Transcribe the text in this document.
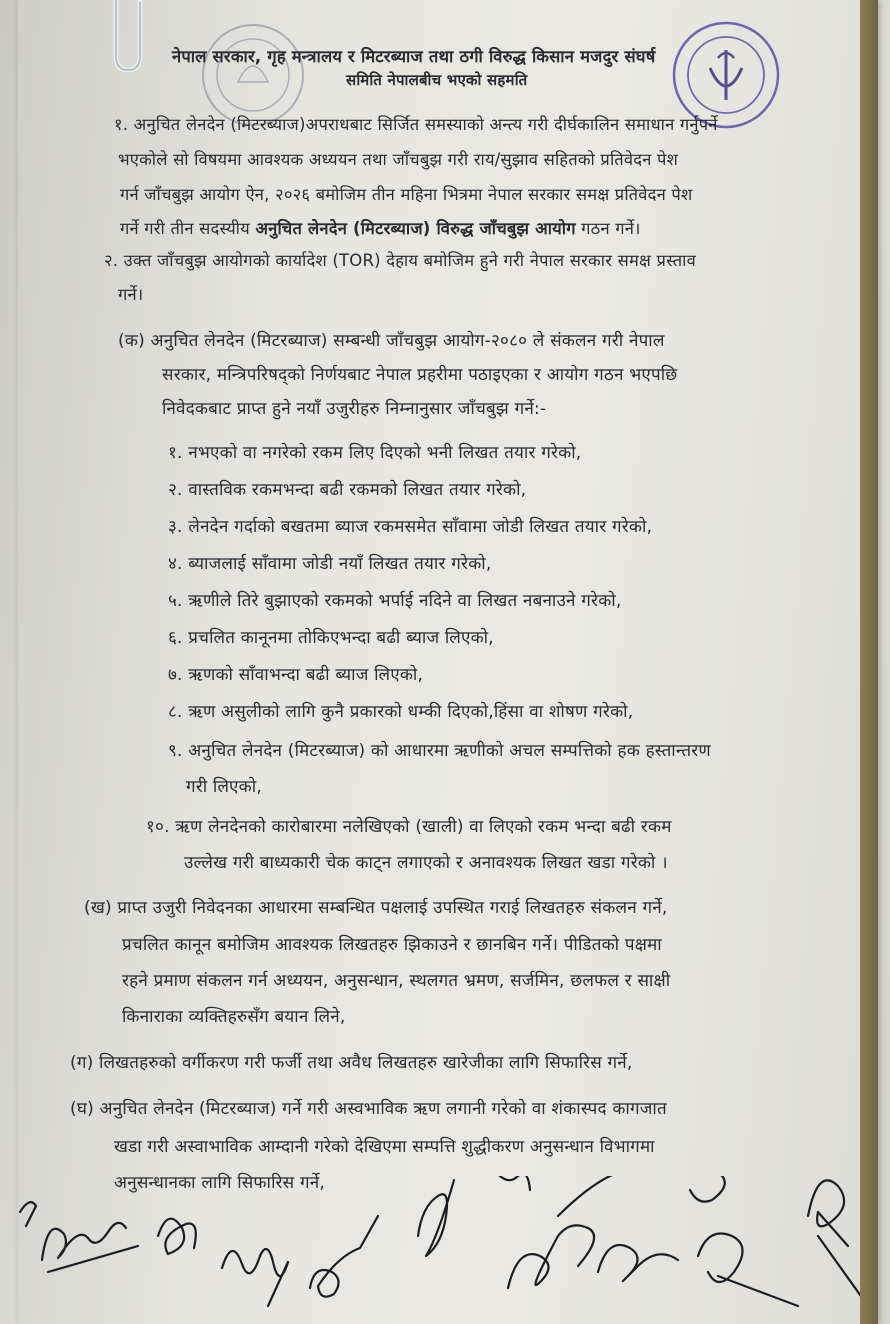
नेपाल सरकार, गृह मन्त्रालय र मिटरब्याज तथा ठगी विरुद्ध किसान मजदुर संघर्ष
समिति नेपालबीच भएको सहमति
१. अनुचित लेनदेन (मिटरब्याज)अपराधबाट सिर्जित समस्याको अन्त्य गरी दीर्घकालिन समाधान गर्नुपर्ने
भएकोले सो विषयमा आवश्यक अध्ययन तथा जाँचबुझ गरी राय/सुझाव सहितको प्रतिवेदन पेश
गर्न जाँचबुझ आयोग ऐन, २०२६ बमोजिम तीन महिना भित्रमा नेपाल सरकार समक्ष प्रतिवेदन पेश
गर्ने गरी तीन सदस्यीय अनुचित लेनदेन (मिटरब्याज) विरुद्ध जाँचबुझ आयोग गठन गर्ने।
२. उक्त जाँचबुझ आयोगको कार्यादेश (TOR) देहाय बमोजिम हुने गरी नेपाल सरकार समक्ष प्रस्ताव
गर्ने।
(क) अनुचित लेनदेन (मिटरब्याज) सम्बन्धी जाँचबुझ आयोग-२०८० ले संकलन गरी नेपाल
सरकार, मन्त्रिपरिषद्को निर्णयबाट नेपाल प्रहरीमा पठाइएका र आयोग गठन भएपछि
निवेदकबाट प्राप्त हुने नयाँ उजुरीहरु निम्नानुसार जाँचबुझ गर्ने:-
१. नभएको वा नगरेको रकम लिए दिएको भनी लिखत तयार गरेको,
२. वास्तविक रकमभन्दा बढी रकमको लिखत तयार गरेको,
३. लेनदेन गर्दाको बखतमा ब्याज रकमसमेत साँवामा जोडी लिखत तयार गरेको,
४. ब्याजलाई साँवामा जोडी नयाँ लिखत तयार गरेको,
५. ऋणीले तिरे बुझाएको रकमको भर्पाई नदिने वा लिखत नबनाउने गरेको,
६. प्रचलित कानूनमा तोकिएभन्दा बढी ब्याज लिएको,
७. ऋणको साँवाभन्दा बढी ब्याज लिएको,
८. ऋण असुलीको लागि कुनै प्रकारको धम्की दिएको,हिंसा वा शोषण गरेको,
९. अनुचित लेनदेन (मिटरब्याज) को आधारमा ऋणीको अचल सम्पत्तिको हक हस्तान्तरण
गरी लिएको,
१०. ऋण लेनदेनको कारोबारमा नलेखिएको (खाली) वा लिएको रकम भन्दा बढी रकम
उल्लेख गरी बाध्यकारी चेक काट्न लगाएको र अनावश्यक लिखत खडा गरेको ।
(ख) प्राप्त उजुरी निवेदनका आधारमा सम्बन्धित पक्षलाई उपस्थित गराई लिखतहरु संकलन गर्ने,
प्रचलित कानून बमोजिम आवश्यक लिखतहरु झिकाउने र छानबिन गर्ने। पीडितको पक्षमा
रहने प्रमाण संकलन गर्न अध्ययन, अनुसन्धान, स्थलगत भ्रमण, सर्जमिन, छलफल र साक्षी
किनाराका व्यक्तिहरुसँग बयान लिने,
(ग) लिखतहरुको वर्गीकरण गरी फर्जी तथा अवैध लिखतहरु खारेजीका लागि सिफारिस गर्ने,
(घ) अनुचित लेनदेन (मिटरब्याज) गर्ने गरी अस्वभाविक ऋण लगानी गरेको वा शंकास्पद कागजात
खडा गरी अस्वाभाविक आम्दानी गरेको देखिएमा सम्पत्ति शुद्धीकरण अनुसन्धान विभागमा
अनुसन्धानका लागि सिफारिस गर्ने,
